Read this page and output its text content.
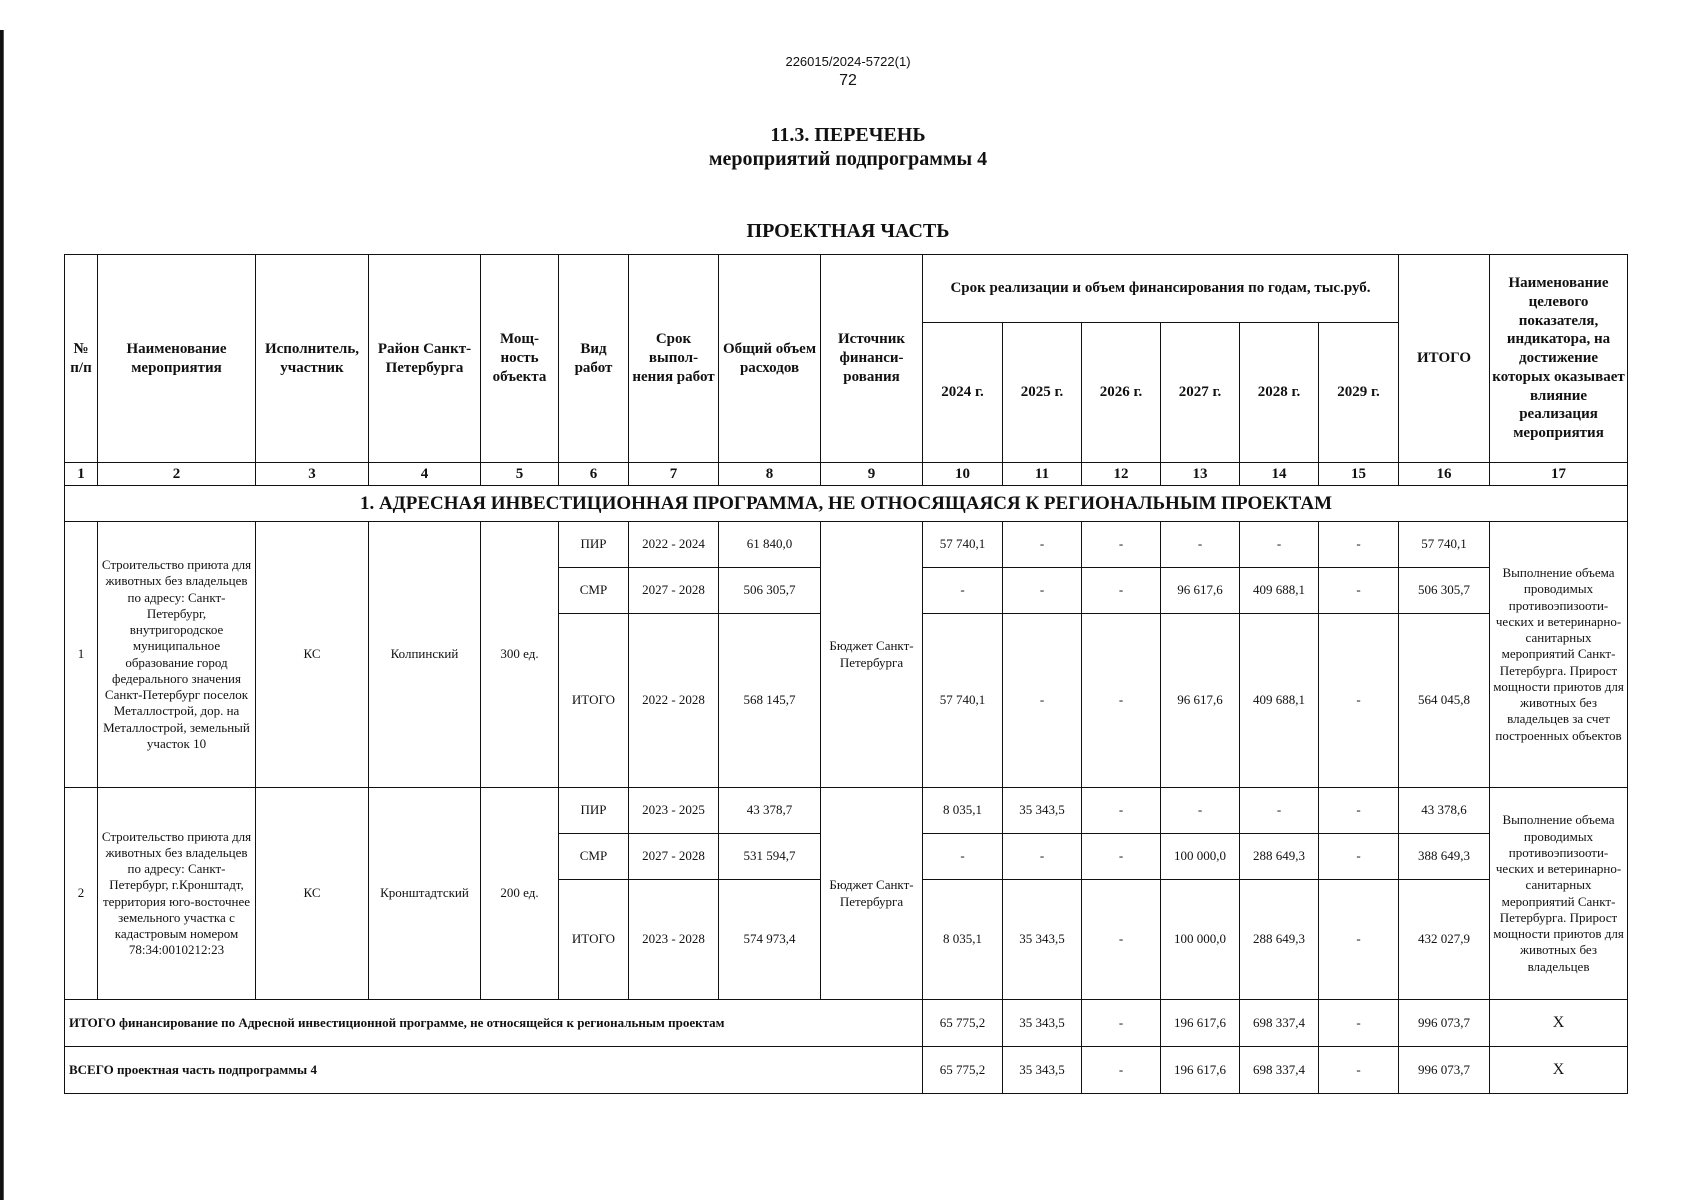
226015/2024-5722(1)
72
11.3. ПЕРЕЧЕНЬ
мероприятий подпрограммы 4
ПРОЕКТНАЯ ЧАСТЬ
№ п/п	Наименование мероприятия	Исполнитель, участник	Район Санкт-Петербурга	Мощ-ность объекта	Вид работ	Срок выпол-нения работ	Общий объем расходов	Источник финанси-рования	Срок реализации и объем финансирования по годам, тыс.руб.						ИТОГО	Наименование целевого показателя, индикатора, на достижение которых оказывает влияние реализация мероприятия
									2024 г.	2025 г.	2026 г.	2027 г.	2028 г.	2029 г.		
1	2	3	4	5	6	7	8	9	10	11	12	13	14	15	16	17
1. АДРЕСНАЯ ИНВЕСТИЦИОННАЯ ПРОГРАММА, НЕ ОТНОСЯЩАЯСЯ К РЕГИОНАЛЬНЫМ ПРОЕКТАМ																
1	Строительство приюта для животных без владельцев по адресу: Санкт-Петербург, внутригородское муниципальное образование город федерального значения Санкт-Петербург поселок Металлострой, дор. на Металлострой, земельный участок 10	КС	Колпинский	300 ед.	ПИР	2022 - 2024	61 840,0	Бюджет Санкт-Петербурга	57 740,1	-	-	-	-	-	57 740,1	Выполнение объема проводимых противоэпизооти-ческих и ветеринарно-санитарных мероприятий Санкт-Петербурга. Прирост мощности приютов для животных без владельцев за счет построенных объектов
					СМР	2027 - 2028	506 305,7		-	-	-	96 617,6	409 688,1	-	506 305,7	
					ИТОГО	2022 - 2028	568 145,7		57 740,1	-	-	96 617,6	409 688,1	-	564 045,8	
2	Строительство приюта для животных без владельцев по адресу: Санкт-Петербург, г.Кронштадт, территория юго-восточнее земельного участка с кадастровым номером 78:34:0010212:23	КС	Кронштадтский	200 ед.	ПИР	2023 - 2025	43 378,7	Бюджет Санкт-Петербурга	8 035,1	35 343,5	-	-	-	-	43 378,6	Выполнение объема проводимых противоэпизооти-ческих и ветеринарно-санитарных мероприятий Санкт-Петербурга. Прирост мощности приютов для животных без владельцев
					СМР	2027 - 2028	531 594,7		-	-	-	100 000,0	288 649,3	-	388 649,3	
					ИТОГО	2023 - 2028	574 973,4		8 035,1	35 343,5	-	100 000,0	288 649,3	-	432 027,9	
ИТОГО финансирование по Адресной инвестиционной программе, не относящейся к региональным проектам									65 775,2	35 343,5	-	196 617,6	698 337,4	-	996 073,7	Х
ВСЕГО проектная часть подпрограммы 4									65 775,2	35 343,5	-	196 617,6	698 337,4	-	996 073,7	Х
